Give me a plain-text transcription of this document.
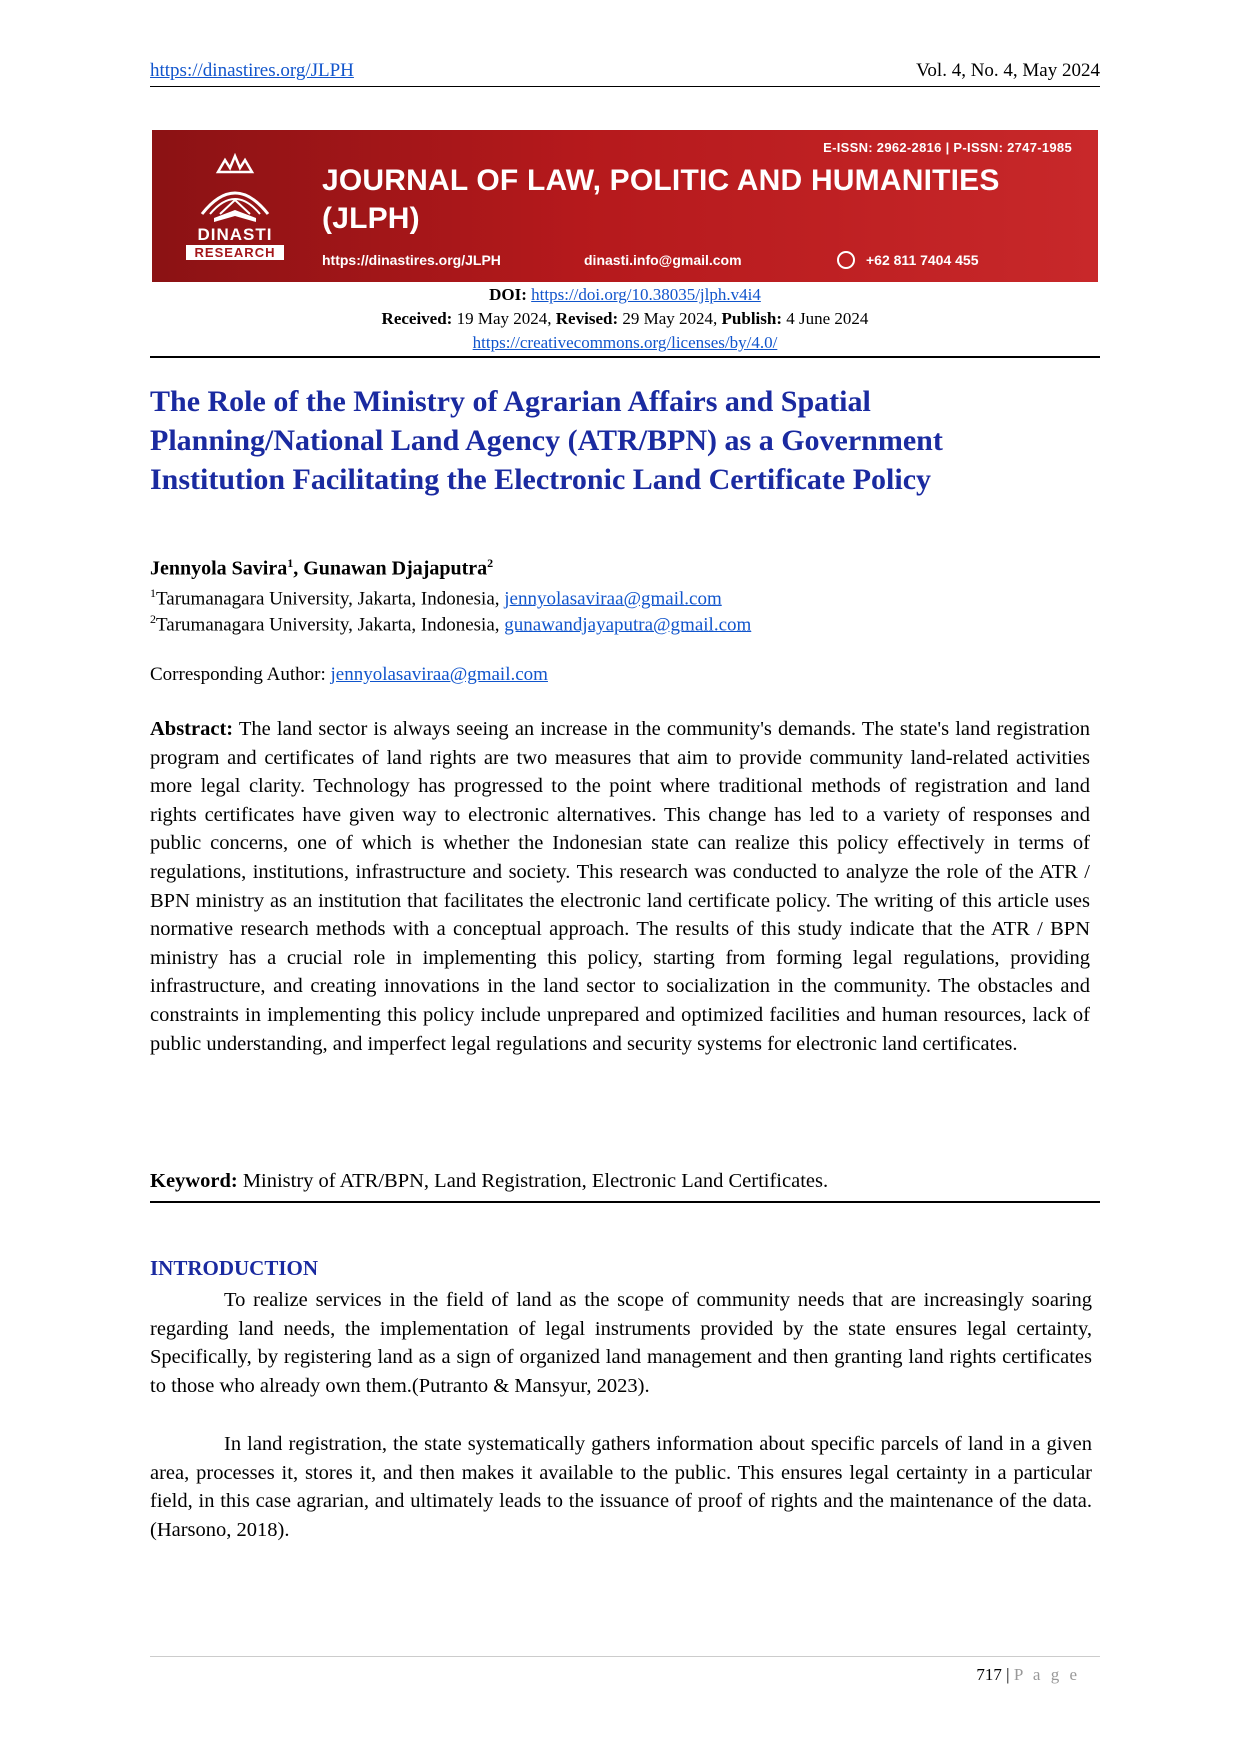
https://dinastires.org/JLPH	Vol. 4, No. 4, May 2024
DINASTI
RESEARCH
E-ISSN: 2962-2816 | P-ISSN: 2747-1985
JOURNAL OF LAW, POLITIC AND HUMANITIES
(JLPH)
https://dinastires.org/JLPH	dinasti.info@gmail.com	+62 811 7404 455
DOI: https://doi.org/10.38035/jlph.v4i4
Received: 19 May 2024, Revised: 29 May 2024, Publish: 4 June 2024
https://creativecommons.org/licenses/by/4.0/
The Role of the Ministry of Agrarian Affairs and Spatial
Planning/National Land Agency (ATR/BPN) as a Government
Institution Facilitating the Electronic Land Certificate Policy
Jennyola Savira$^1$, Gunawan Djajaputra$^2$
$^1$Tarumanagara University, Jakarta, Indonesia, jennyolasaviraa@gmail.com
$^2$Tarumanagara University, Jakarta, Indonesia, gunawandjayaputra@gmail.com
Corresponding Author: jennyolasaviraa@gmail.com

Abstract: The land sector is always seeing an increase in the community's demands. The state's land registration program and certificates of land rights are two measures that aim to provide community land-related activities more legal clarity. Technology has progressed to the point where traditional methods of registration and land rights certificates have given way to electronic alternatives. This change has led to a variety of responses and public concerns, one of which is whether the Indonesian state can realize this policy effectively in terms of regulations, institutions, infrastructure and society. This research was conducted to analyze the role of the ATR / BPN ministry as an institution that facilitates the electronic land certificate policy. The writing of this article uses normative research methods with a conceptual approach. The results of this study indicate that the ATR / BPN ministry has a crucial role in implementing this policy, starting from forming legal regulations, providing infrastructure, and creating innovations in the land sector to socialization in the community. The obstacles and constraints in implementing this policy include unprepared and optimized facilities and human resources, lack of public understanding, and imperfect legal regulations and security systems for electronic land certificates.

Keyword: Ministry of ATR/BPN, Land Registration, Electronic Land Certificates.
INTRODUCTION

To realize services in the field of land as the scope of community needs that are increasingly soaring regarding land needs, the implementation of legal instruments provided by the state ensures legal certainty, Specifically, by registering land as a sign of organized land management and then granting land rights certificates to those who already own them.(Putranto & Mansyur, 2023).

In land registration, the state systematically gathers information about specific parcels of land in a given area, processes it, stores it, and then makes it available to the public. This ensures legal certainty in a particular field, in this case agrarian, and ultimately leads to the issuance of proof of rights and the maintenance of the data. (Harsono, 2018).

717 | P a g e
